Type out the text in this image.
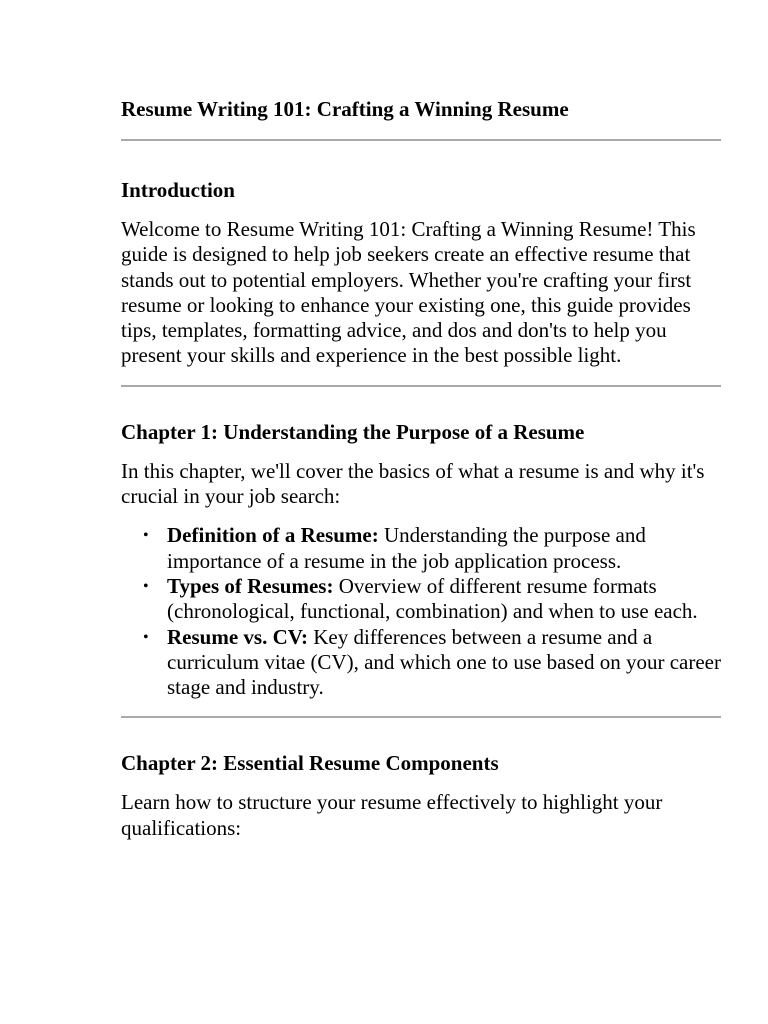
Resume Writing 101: Crafting a Winning Resume
Introduction

Welcome to Resume Writing 101: Crafting a Winning Resume! This guide is designed to help job seekers create an effective resume that stands out to potential employers. Whether you're crafting your first resume or looking to enhance your existing one, this guide provides tips, templates, formatting advice, and dos and don'ts to help you present your skills and experience in the best possible light.

Chapter 1: Understanding the Purpose of a Resume

In this chapter, we'll cover the basics of what a resume is and why it's crucial in your job search:

• Definition of a Resume: Understanding the purpose and importance of a resume in the job application process.
• Types of Resumes: Overview of different resume formats (chronological, functional, combination) and when to use each.
• Resume vs. CV: Key differences between a resume and a curriculum vitae (CV), and which one to use based on your career stage and industry.
Chapter 2: Essential Resume Components

Learn how to structure your resume effectively to highlight your qualifications:
